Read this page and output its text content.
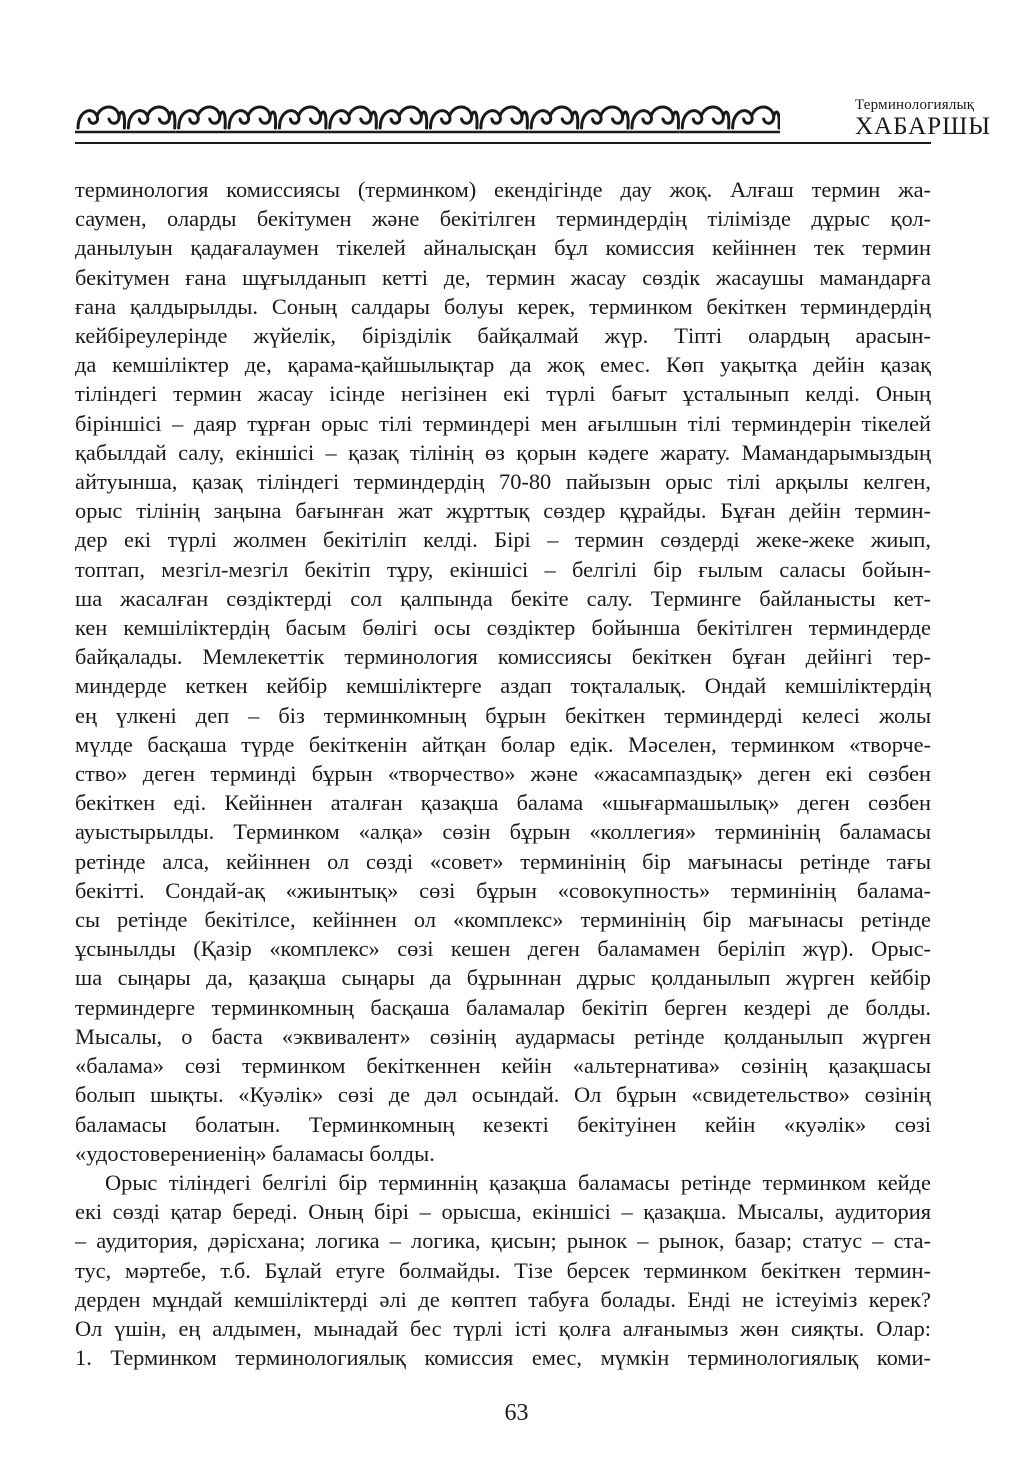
Терминологиялық
ХАБАРШЫ
терминология комиссиясы (терминком) екендігінде дау жоқ. Алғаш термин жа-
саумен, оларды бекітумен және бекітілген терминдердің тілімізде дұрыс қол-
данылуын қадағалаумен тікелей айналысқан бұл комиссия кейіннен тек термин
бекітумен ғана шұғылданып кетті де, термин жасау сөздік жасаушы мамандарға
ғана қалдырылды. Соның салдары болуы керек, терминком бекіткен терминдердің
кейбіреулерінде жүйелік, біріздiлік байқалмай жүр. Тіпті олардың арасын-
да кемшіліктер де, қарама-қайшылықтар да жоқ емес. Көп уақытқа дейін қазақ
тіліндегі термин жасау ісінде негізінен екі түрлі бағыт ұсталынып келді. Оның
біріншісі – даяр тұрған орыс тілі терминдері мен ағылшын тілі терминдерін тікелей
қабылдай салу, екіншісі – қазақ тілінің өз қорын кәдеге жарату. Мамандарымыздың
айтуынша, қазақ тіліндегі терминдердің 70-80 пайызын орыс тілі арқылы келген,
орыс тілінің заңына бағынған жат жұрттық сөздер құрайды. Бұған дейін термин-
дер екі түрлі жолмен бекітіліп келді. Бірі – термин сөздерді жеке-жеке жиып,
топтап, мезгіл-мезгіл бекітіп тұру, екіншісі – белгілі бір ғылым саласы бойын-
ша жасалған сөздіктерді сол қалпында бекіте салу. Терминге байланысты кет-
кен кемшіліктердің басым бөлігі осы сөздіктер бойынша бекітілген терминдерде
байқалады. Мемлекеттік терминология комиссиясы бекіткен бұған дейінгі тер-
миндерде кеткен кейбір кемшіліктерге аздап тоқталалық. Ондай кемшіліктердің
ең үлкені деп – біз терминкомның бұрын бекіткен терминдерді келесі жолы
мүлде басқаша түрде бекіткенін айтқан болар едік. Мәселен, терминком «творче-
ство» деген терминді бұрын «творчество» және «жасампаздық» деген екі сөзбен
бекіткен еді. Кейіннен аталған қазақша балама «шығармашылық» деген сөзбен
ауыстырылды. Терминком «алқа» сөзін бұрын «коллегия» терминінің баламасы
ретінде алса, кейіннен ол сөзді «совет» терминінің бір мағынасы ретінде тағы
бекітті. Сондай-ақ «жиынтық» сөзі бұрын «совокупность» терминінің балама-
сы ретінде бекітілсе, кейіннен ол «комплекс» терминінің бір мағынасы ретінде
ұсынылды (Қазір «комплекс» сөзі кешен деген баламамен беріліп жүр). Орыс-
ша сыңары да, қазақша сыңары да бұрыннан дұрыс қолданылып жүрген кейбір
терминдерге терминкомның басқаша баламалар бекітіп берген кездері де болды.
Мысалы, о баста «эквивалент» сөзінің аудармасы ретінде қолданылып жүрген
«балама» сөзі терминком бекіткеннен кейін «альтернатива» сөзінің қазақшасы
болып шықты. «Куәлік» сөзі де дәл осындай. Ол бұрын «свидетельство» сөзінің
баламасы болатын. Терминкомның кезекті бекітуінен кейін «куәлік» сөзі
«удостоверениенің» баламасы болды.
Орыс тіліндегі белгілі бір терминнің қазақша баламасы ретінде терминком кейде
екі сөзді қатар береді. Оның бірі – орысша, екіншісі – қазақша. Мысалы, аудитория
– аудитория, дәрісхана; логика – логика, қисын; рынок – рынок, базар; статус – ста-
тус, мәртебе, т.б. Бұлай етуге болмайды. Тізе берсек терминком бекіткен термин-
дерден мұндай кемшіліктерді әлі де көптеп табуға болады. Енді не істеуіміз керек?
Ол үшін, ең алдымен, мынадай бес түрлі істі қолға алғанымыз жөн сияқты. Олар:
1. Терминком терминологиялық комиссия емес, мүмкін терминологиялық коми-
63
